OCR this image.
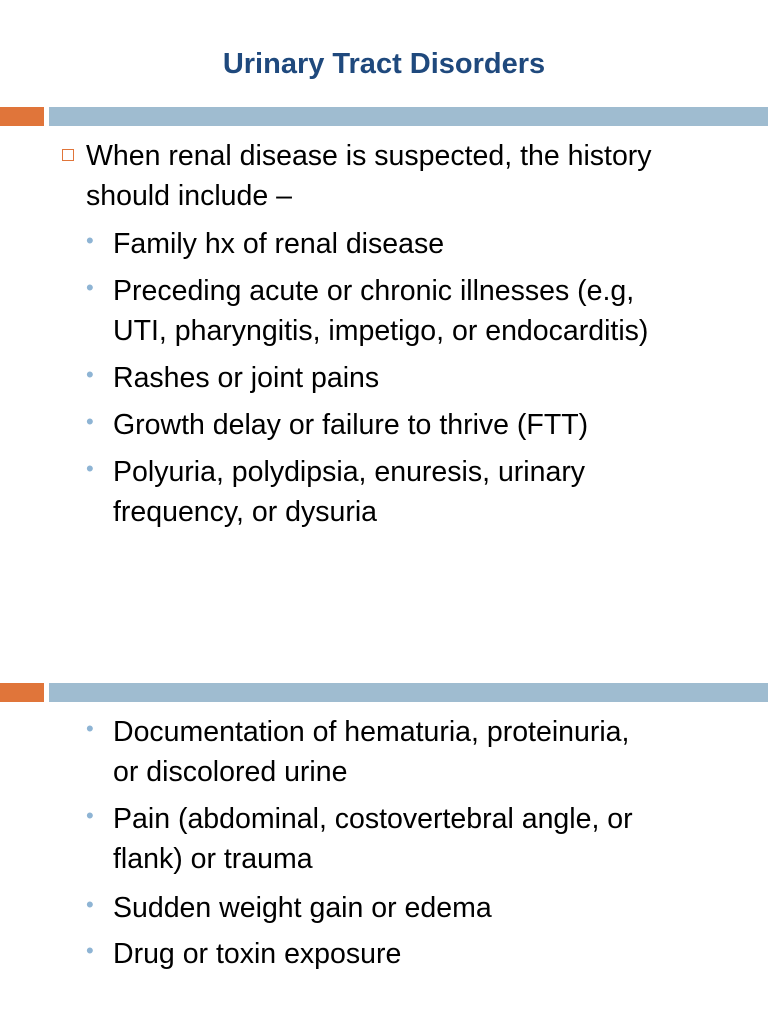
Urinary Tract Disorders
When renal disease is suspected, the history
should include –
• Family hx of renal disease
• Preceding acute or chronic illnesses (e.g,
UTI, pharyngitis, impetigo, or endocarditis)
• Rashes or joint pains
• Growth delay or failure to thrive (FTT)
• Polyuria, polydipsia, enuresis, urinary
frequency, or dysuria
• Documentation of hematuria, proteinuria,
or discolored urine
• Pain (abdominal, costovertebral angle, or
flank) or trauma
• Sudden weight gain or edema
• Drug or toxin exposure
